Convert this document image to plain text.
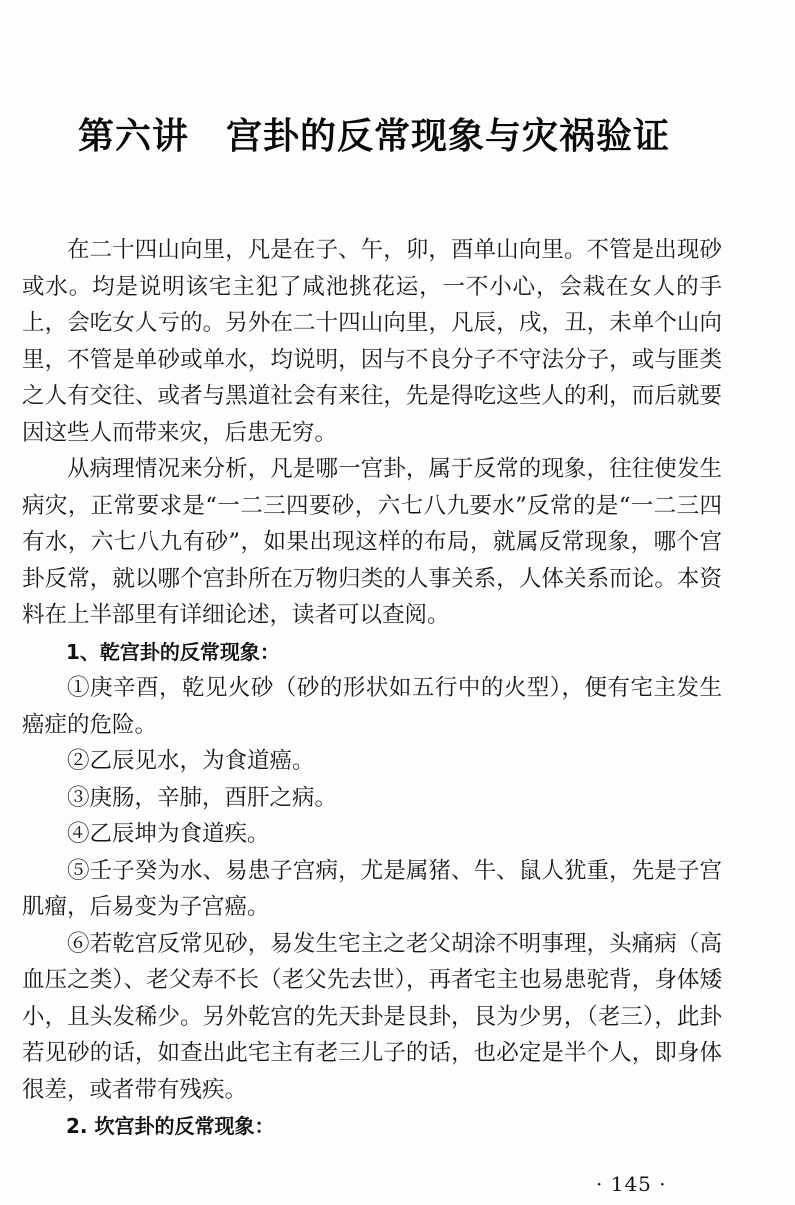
第六讲　宫卦的反常现象与灾祸验证

在二十四山向里，凡是在子、午，卯，酉单山向里。不管是出现砂或水。均是说明该宅主犯了咸池挑花运，一不小心，会栽在女人的手上，会吃女人亏的。另外在二十四山向里，凡辰，戌，丑，未单个山向里，不管是单砂或单水，均说明，因与不良分子不守法分子，或与匪类之人有交往、或者与黑道社会有来往，先是得吃这些人的利，而后就要因这些人而带来灾，后患无穷。

从病理情况来分析，凡是哪一宫卦，属于反常的现象，往往使发生病灾，正常要求是“一二三四要砂，六七八九要水”反常的是“一二三四有水，六七八九有砂”，如果出现这样的布局，就属反常现象，哪个宫卦反常，就以哪个宫卦所在万物归类的人事关系，人体关系而论。本资料在上半部里有详细论述，读者可以查阅。

1、乾宫卦的反常现象：

①庚辛酉，乾见火砂（砂的形状如五行中的火型），便有宅主发生癌症的危险。

②乙辰见水，为食道癌。

③庚肠，辛肺，酉肝之病。

④乙辰坤为食道疾。

⑤壬子癸为水、易患子宫病，尤是属猪、牛、鼠人犹重，先是子宫肌瘤，后易变为子宫癌。

⑥若乾宫反常见砂，易发生宅主之老父胡涂不明事理，头痛病（高血压之类）、老父寿不长（老父先去世），再者宅主也易患驼背，身体矮小，且头发稀少。另外乾宫的先天卦是艮卦，艮为少男，（老三），此卦若见砂的话，如查出此宅主有老三儿子的话，也必定是半个人，即身体很差，或者带有残疾。

2. 坎宫卦的反常现象：

· 145 ·
